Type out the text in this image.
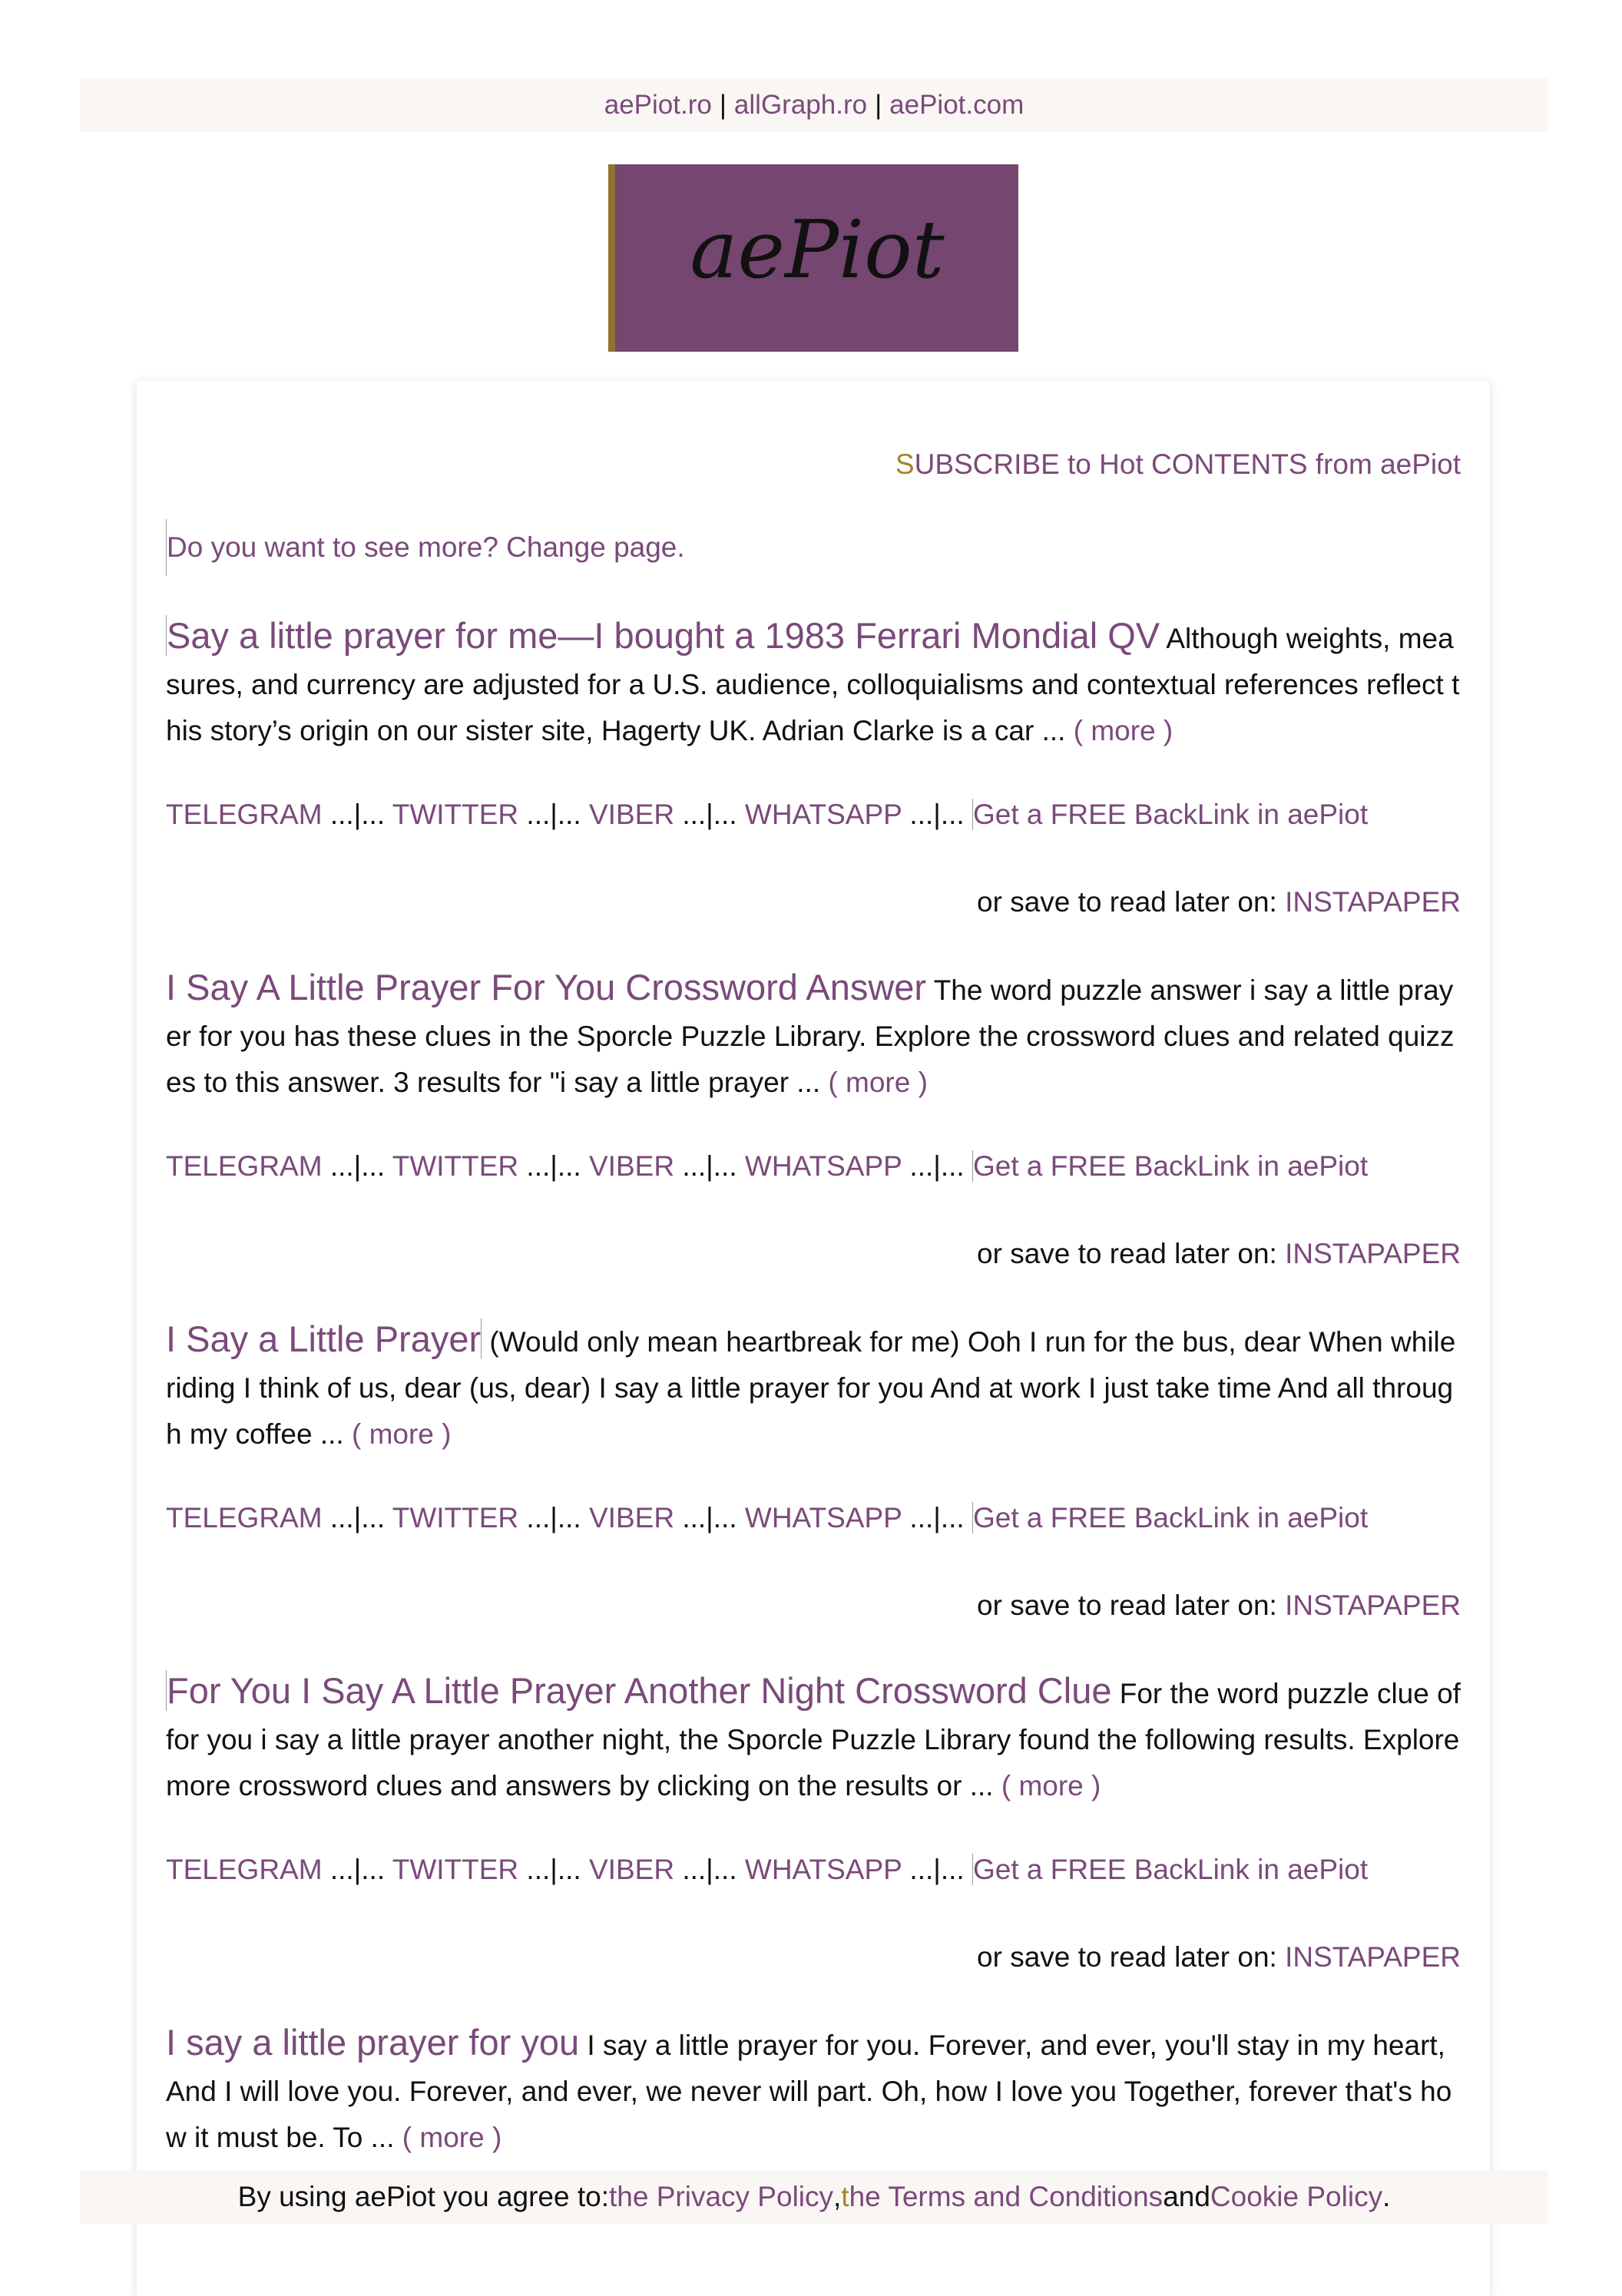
aePiot.ro | allGraph.ro | aePiot.com
aePiot
SUBSCRIBE to Hot CONTENTS from aePiot
Do you want to see more? Change page.

Say a little prayer for me—I bought a 1983 Ferrari Mondial QV Although weights, measures, and currency are adjusted for a U.S. audience, colloquialisms and contextual references reflect this story’s origin on our sister site, Hagerty UK. Adrian Clarke is a car ... ( more )

TELEGRAM ...|... TWITTER ...|... VIBER ...|... WHATSAPP ...|... Get a FREE BackLink in aePiot
or save to read later on: INSTAPAPER

I Say A Little Prayer For You Crossword Answer The word puzzle answer i say a little prayer for you has these clues in the Sporcle Puzzle Library. Explore the crossword clues and related quizzes to this answer. 3 results for "i say a little prayer ... ( more )

TELEGRAM ...|... TWITTER ...|... VIBER ...|... WHATSAPP ...|... Get a FREE BackLink in aePiot
or save to read later on: INSTAPAPER

I Say a Little Prayer (Would only mean heartbreak for me) Ooh I run for the bus, dear When while riding I think of us, dear (us, dear) I say a little prayer for you And at work I just take time And all through my coffee ... ( more )

TELEGRAM ...|... TWITTER ...|... VIBER ...|... WHATSAPP ...|... Get a FREE BackLink in aePiot
or save to read later on: INSTAPAPER

For You I Say A Little Prayer Another Night Crossword Clue For the word puzzle clue of for you i say a little prayer another night, the Sporcle Puzzle Library found the following results. Explore more crossword clues and answers by clicking on the results or ... ( more )

TELEGRAM ...|... TWITTER ...|... VIBER ...|... WHATSAPP ...|... Get a FREE BackLink in aePiot
or save to read later on: INSTAPAPER

I say a little prayer for you I say a little prayer for you. Forever, and ever, you'll stay in my heart, And I will love you. Forever, and ever, we never will part. Oh, how I love you Together, forever that's how it must be. To ... ( more )

By using aePiot you agree to: the Privacy Policy , the Terms and Conditions and Cookie Policy .
